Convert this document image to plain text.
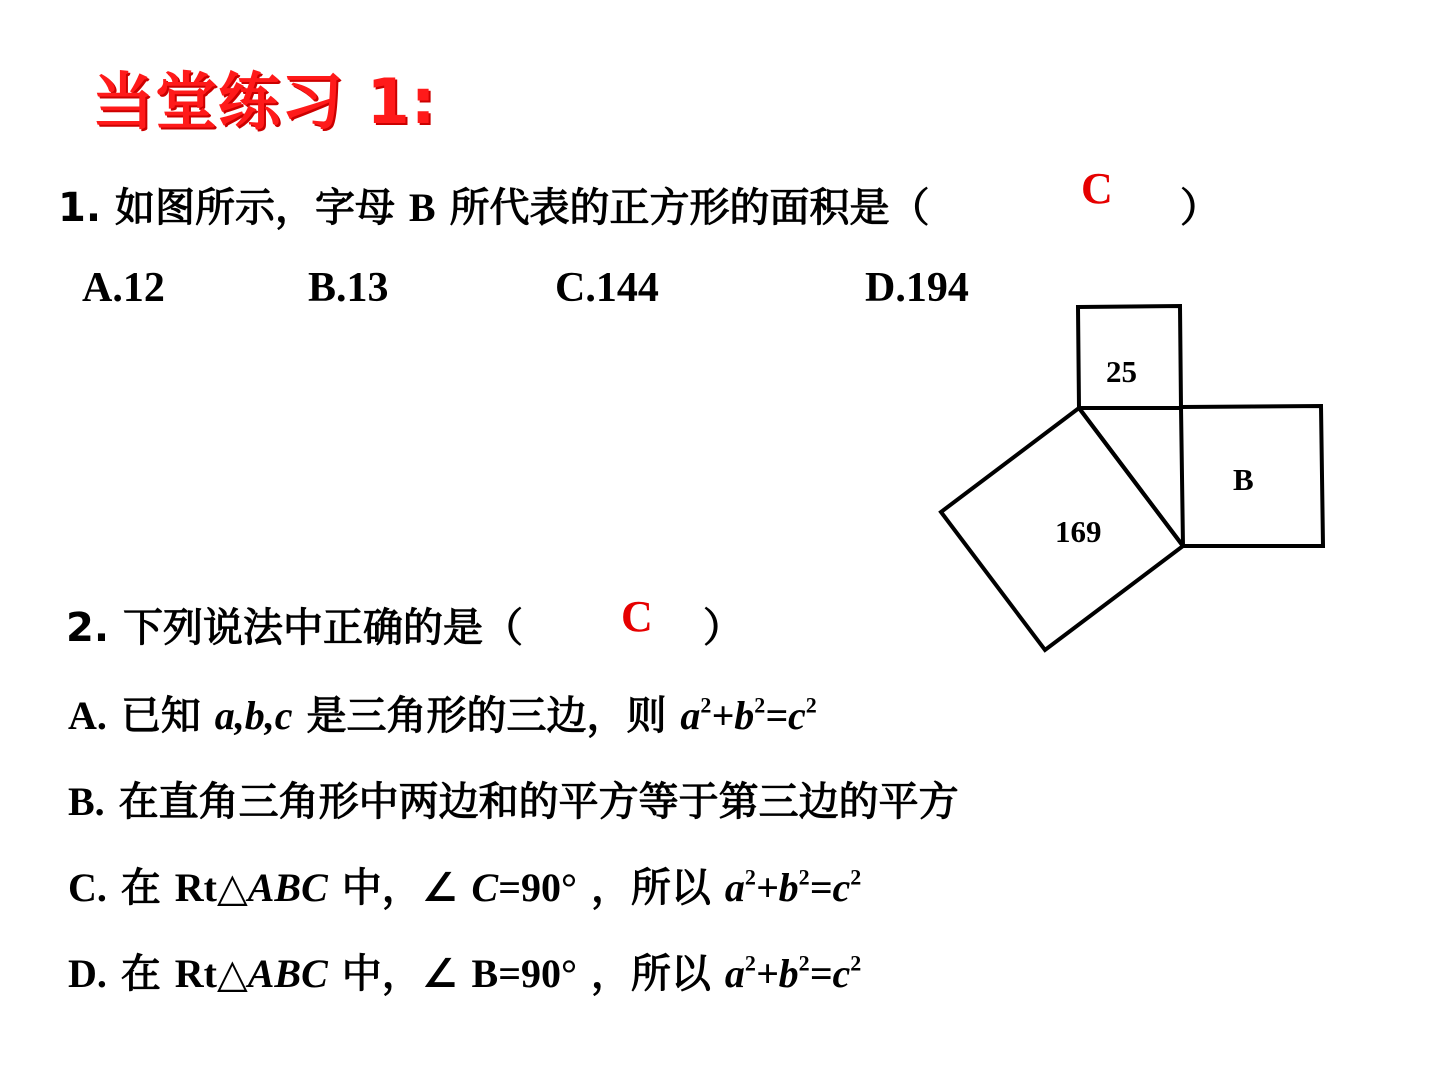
当堂练习 1:
1. 如图所示，字母 B 所代表的正方形的面积是（	C ）
A.12	B.13	C.144	D.194
25
B
169
2. 下列说法中正确的是（ C ）
A. 已知 a,b,c 是三角形的三边，则 $a^2+b^2=c^2$
B. 在直角三角形中两边和的平方等于第三边的平方
C. 在 Rt△ABC 中，∠ C=90° ，所以 $a^2+b^2=c^2$
D. 在 Rt△ABC 中，∠ B=90° ，所以 $a^2+b^2=c^2$
